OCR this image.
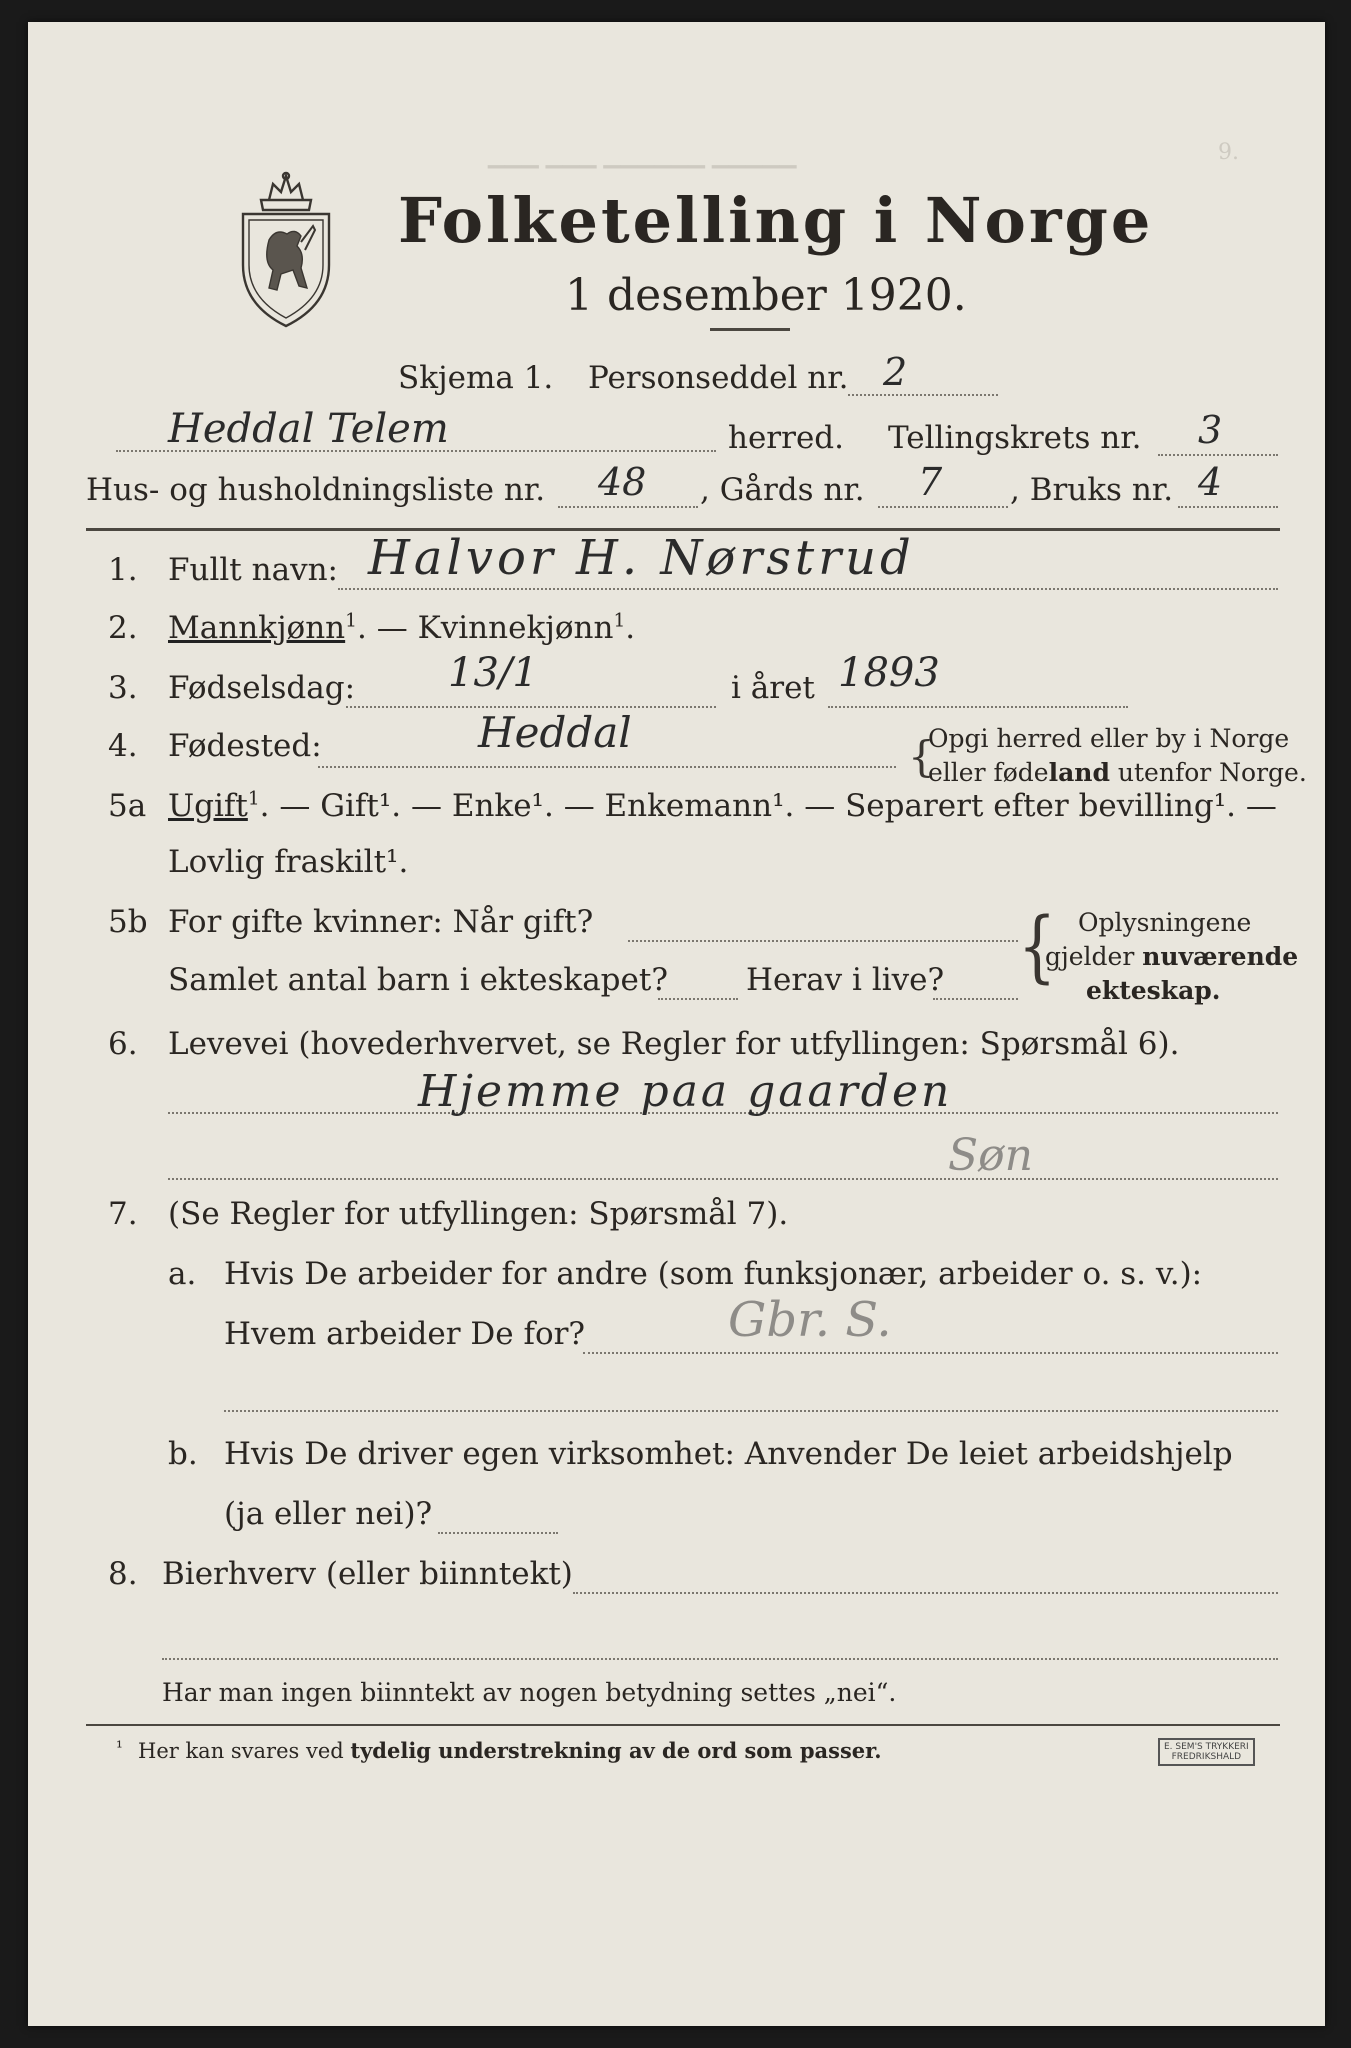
9.
▁▁▁ ▁▁▁ ▁▁▁▁▁▁ ▁▁▁▁▁
Folketelling i Norge
1 desember 1920.
Skjema 1. Personseddel nr. 2
Heddal Telem	herred. Tellingskrets nr. 3
Hus- og husholdningsliste nr. 48 , Gårds nr. 7 , Bruks nr. 4
1. Fullt navn: Halvor H. Nørstrud
2. Mannkjønn$^1$. — Kvinnekjønn$^1$.
3. Fødselsdag: 13/1	i året 1893
4. Fødested:	Heddal	{
Opgi herred eller by i Norge
eller fødeland utenfor Norge.
5a Ugift$^1$. — Gift¹. — Enke¹. — Enkemann¹. — Separert efter bevilling¹. —
Lovlig fraskilt¹.
5b For gifte kvinner: Når gift?
Samlet antal barn i ekteskapet?	Herav i live? { Oplysningene
gjelder nuværende
ekteskap.
6. Levevei (hovederhvervet, se Regler for utfyllingen: Spørsmål 6).
Hjemme paa gaarden
Søn
7. (Se Regler for utfyllingen: Spørsmål 7).
a. Hvis De arbeider for andre (som funksjonær, arbeider o. s. v.):
Hvem arbeider De for?	Gbr. S.
b. Hvis De driver egen virksomhet: Anvender De leiet arbeidshjelp
(ja eller nei)?
8. Bierhverv (eller biinntekt)
Har man ingen biinntekt av nogen betydning settes „nei“.
¹ Her kan svares ved tydelig understrekning av de ord som passer.	E. SEM'S TRYKKERI
FREDRIKSHALD
